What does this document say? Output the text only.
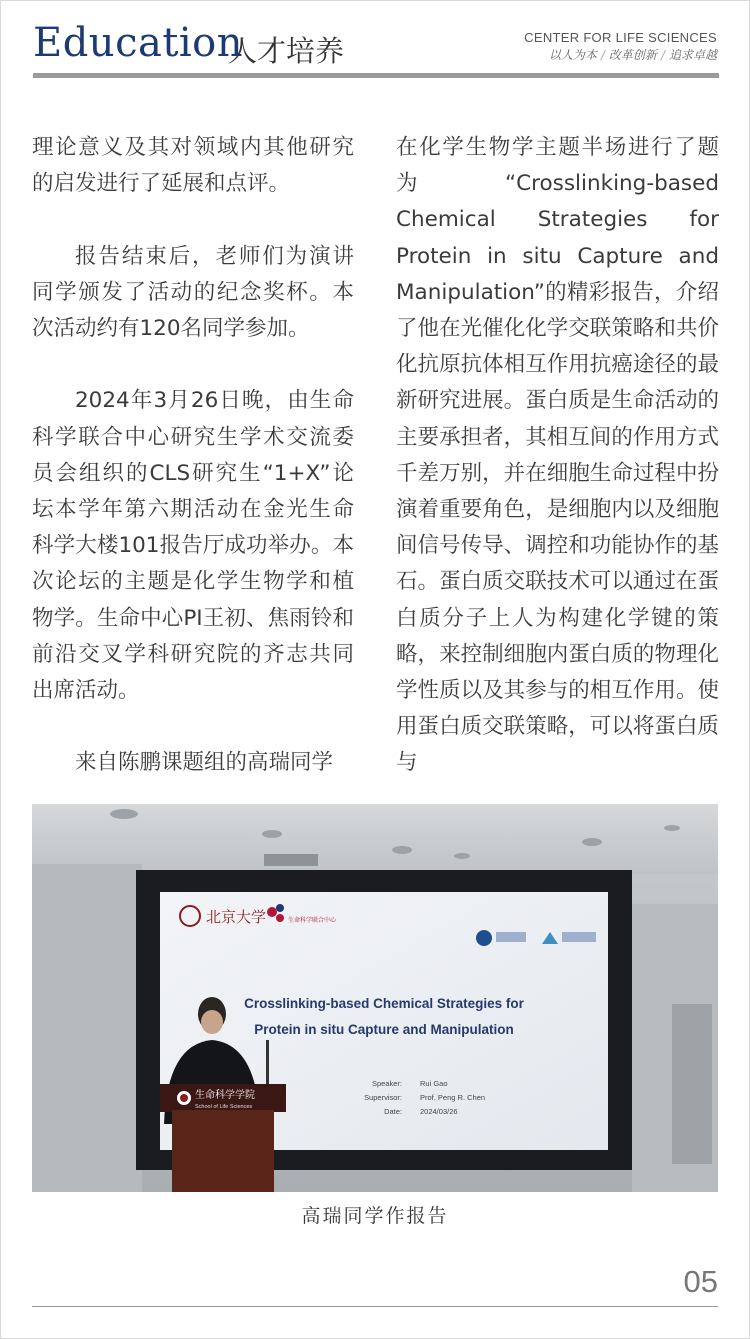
Education
人才培养	CENTER FOR LIFE SCIENCES
以人为本 / 改革创新 / 追求卓越

理论意义及其对领域内其他研究的启发进行了延展和点评。

报告结束后，老师们为演讲同学颁发了活动的纪念奖杯。本次活动约有120名同学参加。

2024年3月26日晚，由生命科学联合中心研究生学术交流委员会组织的CLS研究生“1+X”论坛本学年第六期活动在金光生命科学大楼101报告厅成功举办。本次论坛的主题是化学生物学和植物学。生命中心PI王初、焦雨铃和前沿交叉学科研究院的齐志共同出席活动。

来自陈鹏课题组的高瑞同学

在化学生物学主题半场进行了题为“Crosslinking-based Chemical Strategies for Protein in situ Capture and Manipulation”的精彩报告，介绍了他在光催化化学交联策略和共价化抗原抗体相互作用抗癌途径的最新研究进展。蛋白质是生命活动的主要承担者，其相互间的作用方式千差万别，并在细胞生命过程中扮演着重要角色，是细胞内以及细胞间信号传导、调控和功能协作的基石。蛋白质交联技术可以通过在蛋白质分子上人为构建化学键的策略，来控制细胞内蛋白质的物理化学性质以及其参与的相互作用。使用蛋白质交联策略，可以将蛋白质与

北京大学	生命科学联合中心
Crosslinking-based Chemical Strategies for
Protein in situ Capture and Manipulation
Speaker: Rui Gao
Supervisor: Prof. Peng R. Chen
Date: 2024/03/26
生命科学学院
School of Life Sciences
高瑞同学作报告
05
